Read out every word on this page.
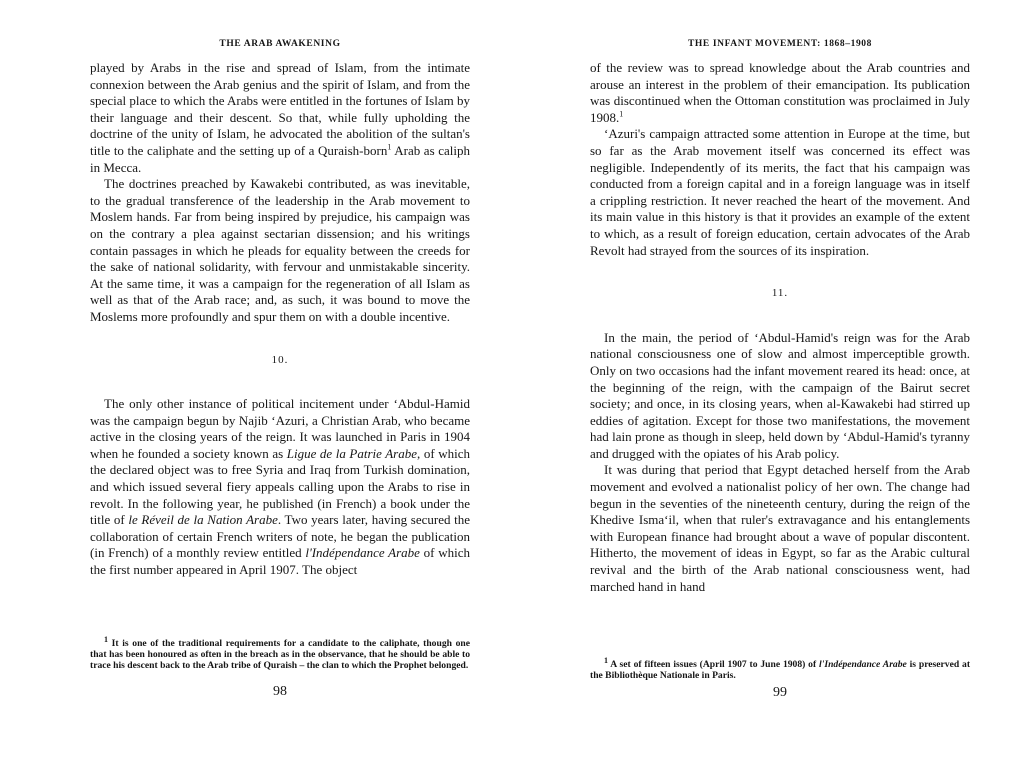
THE ARAB AWAKENING

played by Arabs in the rise and spread of Islam, from the intimate connexion between the Arab genius and the spirit of Islam, and from the special place to which the Arabs were entitled in the fortunes of Islam by their language and their descent. So that, while fully upholding the doctrine of the unity of Islam, he advocated the abolition of the sultan's title to the caliphate and the setting up of a Quraish-born$^1$ Arab as caliph in Mecca.

The doctrines preached by Kawakebi contributed, as was inevitable, to the gradual transference of the leadership in the Arab movement to Moslem hands. Far from being inspired by prejudice, his campaign was on the contrary a plea against sectarian dissension; and his writings contain passages in which he pleads for equality between the creeds for the sake of national solidarity, with fervour and unmistakable sincerity. At the same time, it was a campaign for the regeneration of all Islam as well as that of the Arab race; and, as such, it was bound to move the Moslems more profoundly and spur them on with a double incentive.

10.

The only other instance of political incitement under ‘Abdul-Hamid was the campaign begun by Najib ‘Azuri, a Christian Arab, who became active in the closing years of the reign. It was launched in Paris in 1904 when he founded a society known as Ligue de la Patrie Arabe, of which the declared object was to free Syria and Iraq from Turkish domination, and which issued several fiery appeals calling upon the Arabs to rise in revolt. In the following year, he published (in French) a book under the title of le Réveil de la Nation Arabe. Two years later, having secured the collaboration of certain French writers of note, he began the publication (in French) of a monthly review entitled l'Indépendance Arabe of which the first number appeared in April 1907. The object

$^1$ It is one of the traditional requirements for a candidate to the caliphate, though one that has been honoured as often in the breach as in the observance, that he should be able to trace his descent back to the Arab tribe of Quraish – the clan to which the Prophet belonged.

98
THE INFANT MOVEMENT: 1868–1908

of the review was to spread knowledge about the Arab countries and arouse an interest in the problem of their emancipation. Its publication was discontinued when the Ottoman constitution was proclaimed in July 1908.$^1$

‘Azuri's campaign attracted some attention in Europe at the time, but so far as the Arab movement itself was concerned its effect was negligible. Independently of its merits, the fact that his campaign was conducted from a foreign capital and in a foreign language was in itself a crippling restriction. It never reached the heart of the movement. And its main value in this history is that it provides an example of the extent to which, as a result of foreign education, certain advocates of the Arab Revolt had strayed from the sources of its inspiration.

11.

In the main, the period of ‘Abdul-Hamid's reign was for the Arab national consciousness one of slow and almost imperceptible growth. Only on two occasions had the infant movement reared its head: once, at the beginning of the reign, with the campaign of the Bairut secret society; and once, in its closing years, when al-Kawakebi had stirred up eddies of agitation. Except for those two manifestations, the movement had lain prone as though in sleep, held down by ‘Abdul-Hamid's tyranny and drugged with the opiates of his Arab policy.

It was during that period that Egypt detached herself from the Arab movement and evolved a nationalist policy of her own. The change had begun in the seventies of the nineteenth century, during the reign of the Khedive Isma‘il, when that ruler's extravagance and his entanglements with European finance had brought about a wave of popular discontent. Hitherto, the movement of ideas in Egypt, so far as the Arabic cultural revival and the birth of the Arab national consciousness went, had marched hand in hand

$^1$ A set of fifteen issues (April 1907 to June 1908) of l'Indépendance Arabe is preserved at the Bibliothèque Nationale in Paris.

99
